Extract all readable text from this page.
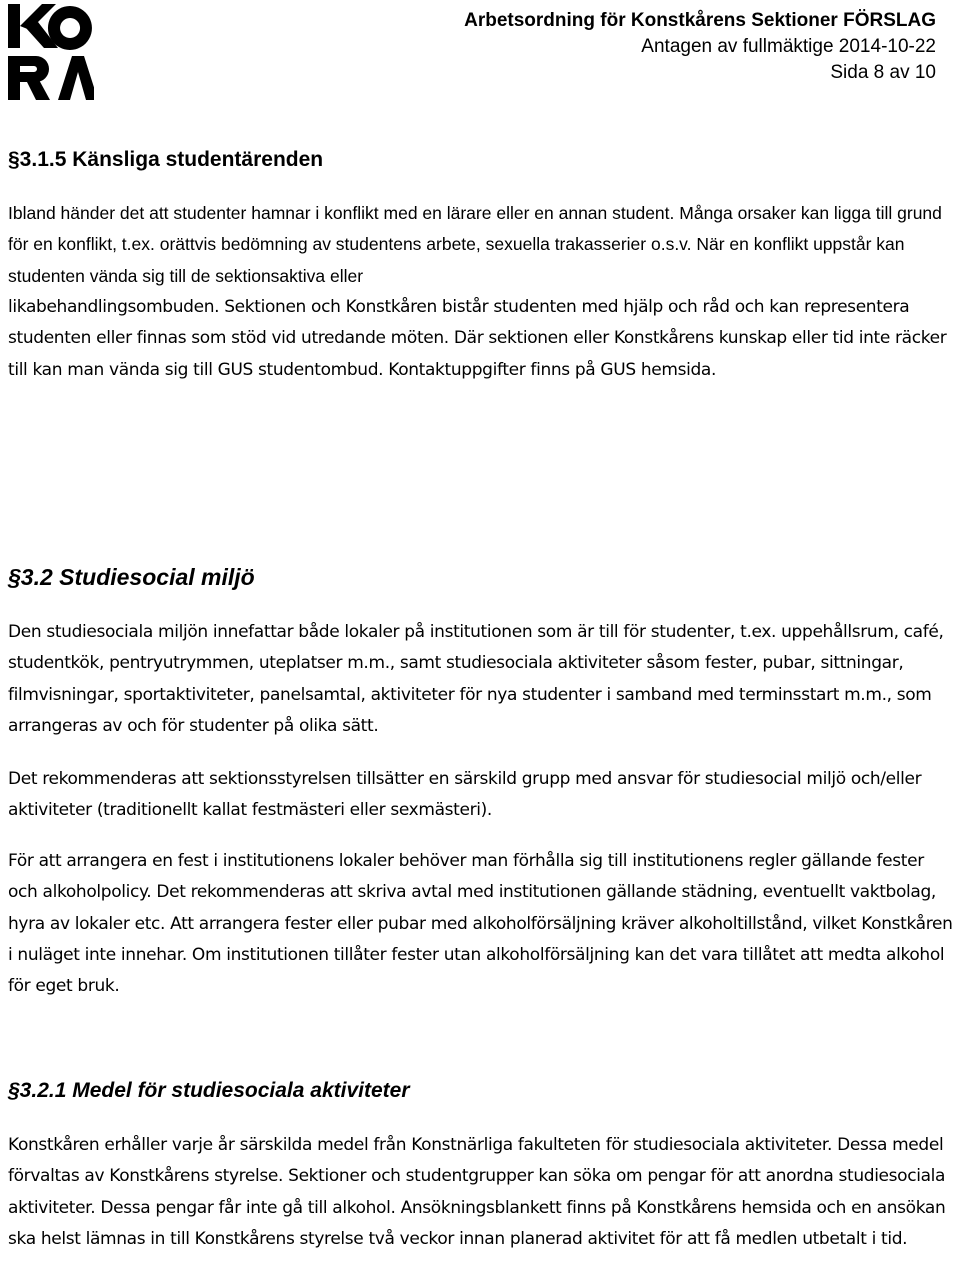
Arbetsordning för Konstkårens Sektioner FÖRSLAG
Antagen av fullmäktige 2014-10-22
Sida 8 av 10
§3.1.5 Känsliga studentärenden

Ibland händer det att studenter hamnar i konflikt med en lärare eller en annan student. Många orsaker kan ligga till grund för en konflikt, t.ex. orättvis bedömning av studentens arbete, sexuella trakasserier o.s.v. När en konflikt uppstår kan studenten vända sig till de sektionsaktiva eller

likabehandlingsombuden. Sektionen och Konstkåren bistår studenten med hjälp och råd och kan representera studenten eller finnas som stöd vid utredande möten. Där sektionen eller Konstkårens kunskap eller tid inte räcker till kan man vända sig till GUS studentombud. Kontaktuppgifter finns på GUS hemsida.

§3.2 Studiesocial miljö

Den studiesociala miljön innefattar både lokaler på institutionen som är till för studenter, t.ex. uppehållsrum, café, studentkök, pentryutrymmen, uteplatser m.m., samt studiesociala aktiviteter såsom fester, pubar, sittningar, filmvisningar, sportaktiviteter, panelsamtal, aktiviteter för nya studenter i samband med terminsstart m.m., som arrangeras av och för studenter på olika sätt.

Det rekommenderas att sektionsstyrelsen tillsätter en särskild grupp med ansvar för studiesocial miljö och/eller aktiviteter (traditionellt kallat festmästeri eller sexmästeri).

För att arrangera en fest i institutionens lokaler behöver man förhålla sig till institutionens regler gällande fester och alkoholpolicy. Det rekommenderas att skriva avtal med institutionen gällande städning, eventuellt vaktbolag, hyra av lokaler etc. Att arrangera fester eller pubar med alkoholförsäljning kräver alkoholtillstånd, vilket Konstkåren i nuläget inte innehar. Om institutionen tillåter fester utan alkoholförsäljning kan det vara tillåtet att medta alkohol för eget bruk.

§3.2.1 Medel för studiesociala aktiviteter

Konstkåren erhåller varje år särskilda medel från Konstnärliga fakulteten för studiesociala aktiviteter. Dessa medel förvaltas av Konstkårens styrelse. Sektioner och studentgrupper kan söka om pengar för att anordna studiesociala aktiviteter. Dessa pengar får inte gå till alkohol. Ansökningsblankett finns på Konstkårens hemsida och en ansökan ska helst lämnas in till Konstkårens styrelse två veckor innan planerad aktivitet för att få medlen utbetalt i tid.
